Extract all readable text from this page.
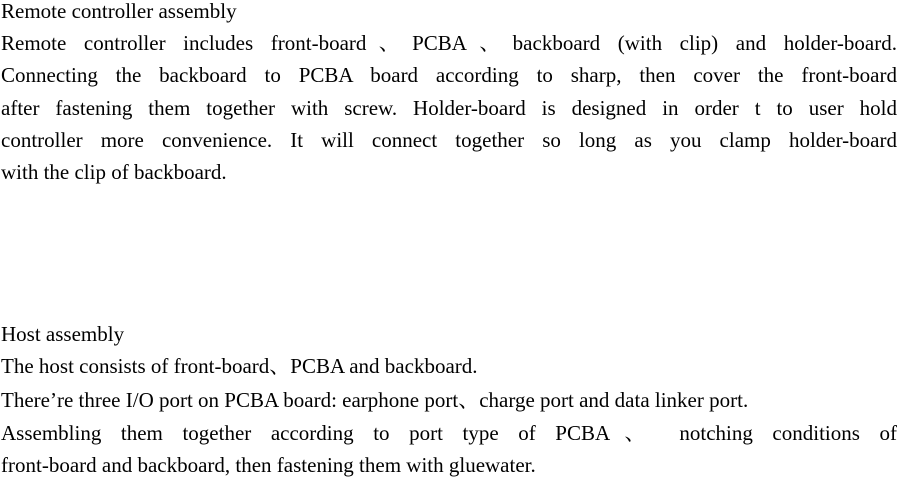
Remote controller assembly

Remote controller includes front-board、PCBA、backboard (with clip) and holder-board.

Connecting the backboard to PCBA board according to sharp, then cover the front-board

after fastening them together with screw. Holder-board is designed in order t to user hold

controller more convenience. It will connect together so long as you clamp holder-board

with the clip of backboard.

Host assembly

The host consists of front-board、PCBA and backboard.

There’re three I/O port on PCBA board: earphone port、charge port and data linker port.

Assembling them together according to port type of PCBA、 notching conditions of

front-board and backboard, then fastening them with gluewater.
